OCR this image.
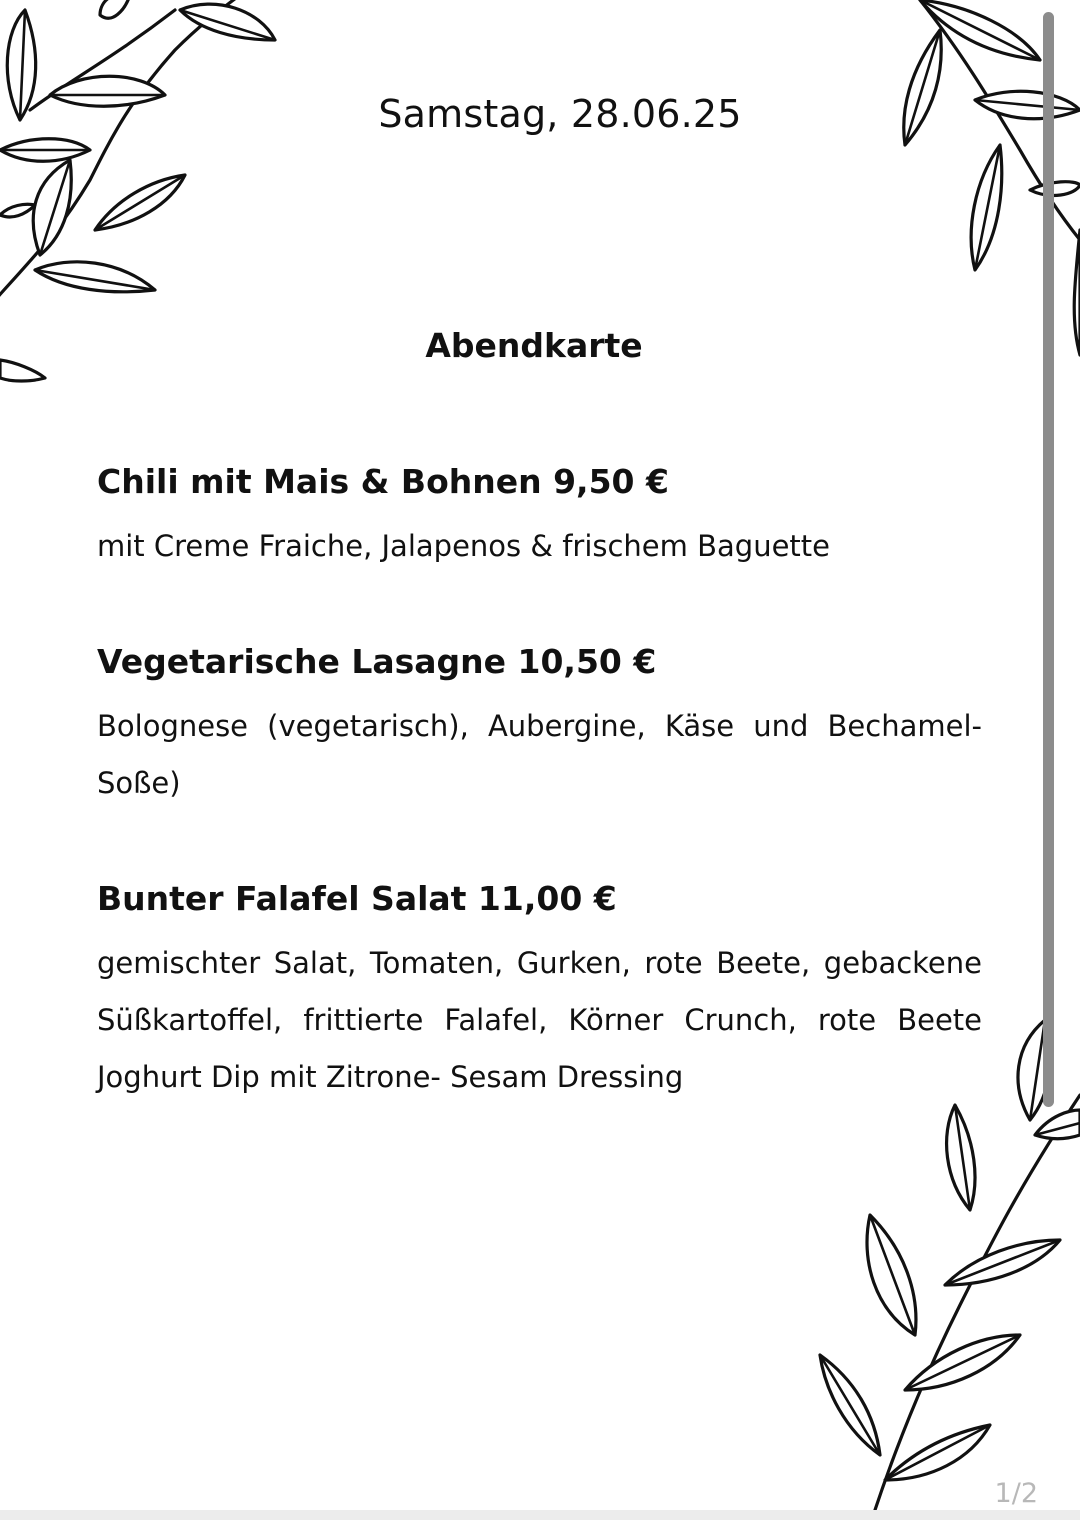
Samstag, 28.06.25
Abendkarte

Chili mit Mais & Bohnen 9,50 €

mit Creme Fraiche, Jalapenos & frischem Baguette

Vegetarische Lasagne 10,50 €

Bolognese (vegetarisch), Aubergine, Käse und Bechamel- Soße)

Bunter Falafel Salat 11,00 €

gemischter Salat, Tomaten, Gurken, rote Beete, gebackene Süßkartoffel, frittierte Falafel, Körner Crunch, rote Beete Joghurt Dip mit Zitrone- Sesam Dressing

1/2
